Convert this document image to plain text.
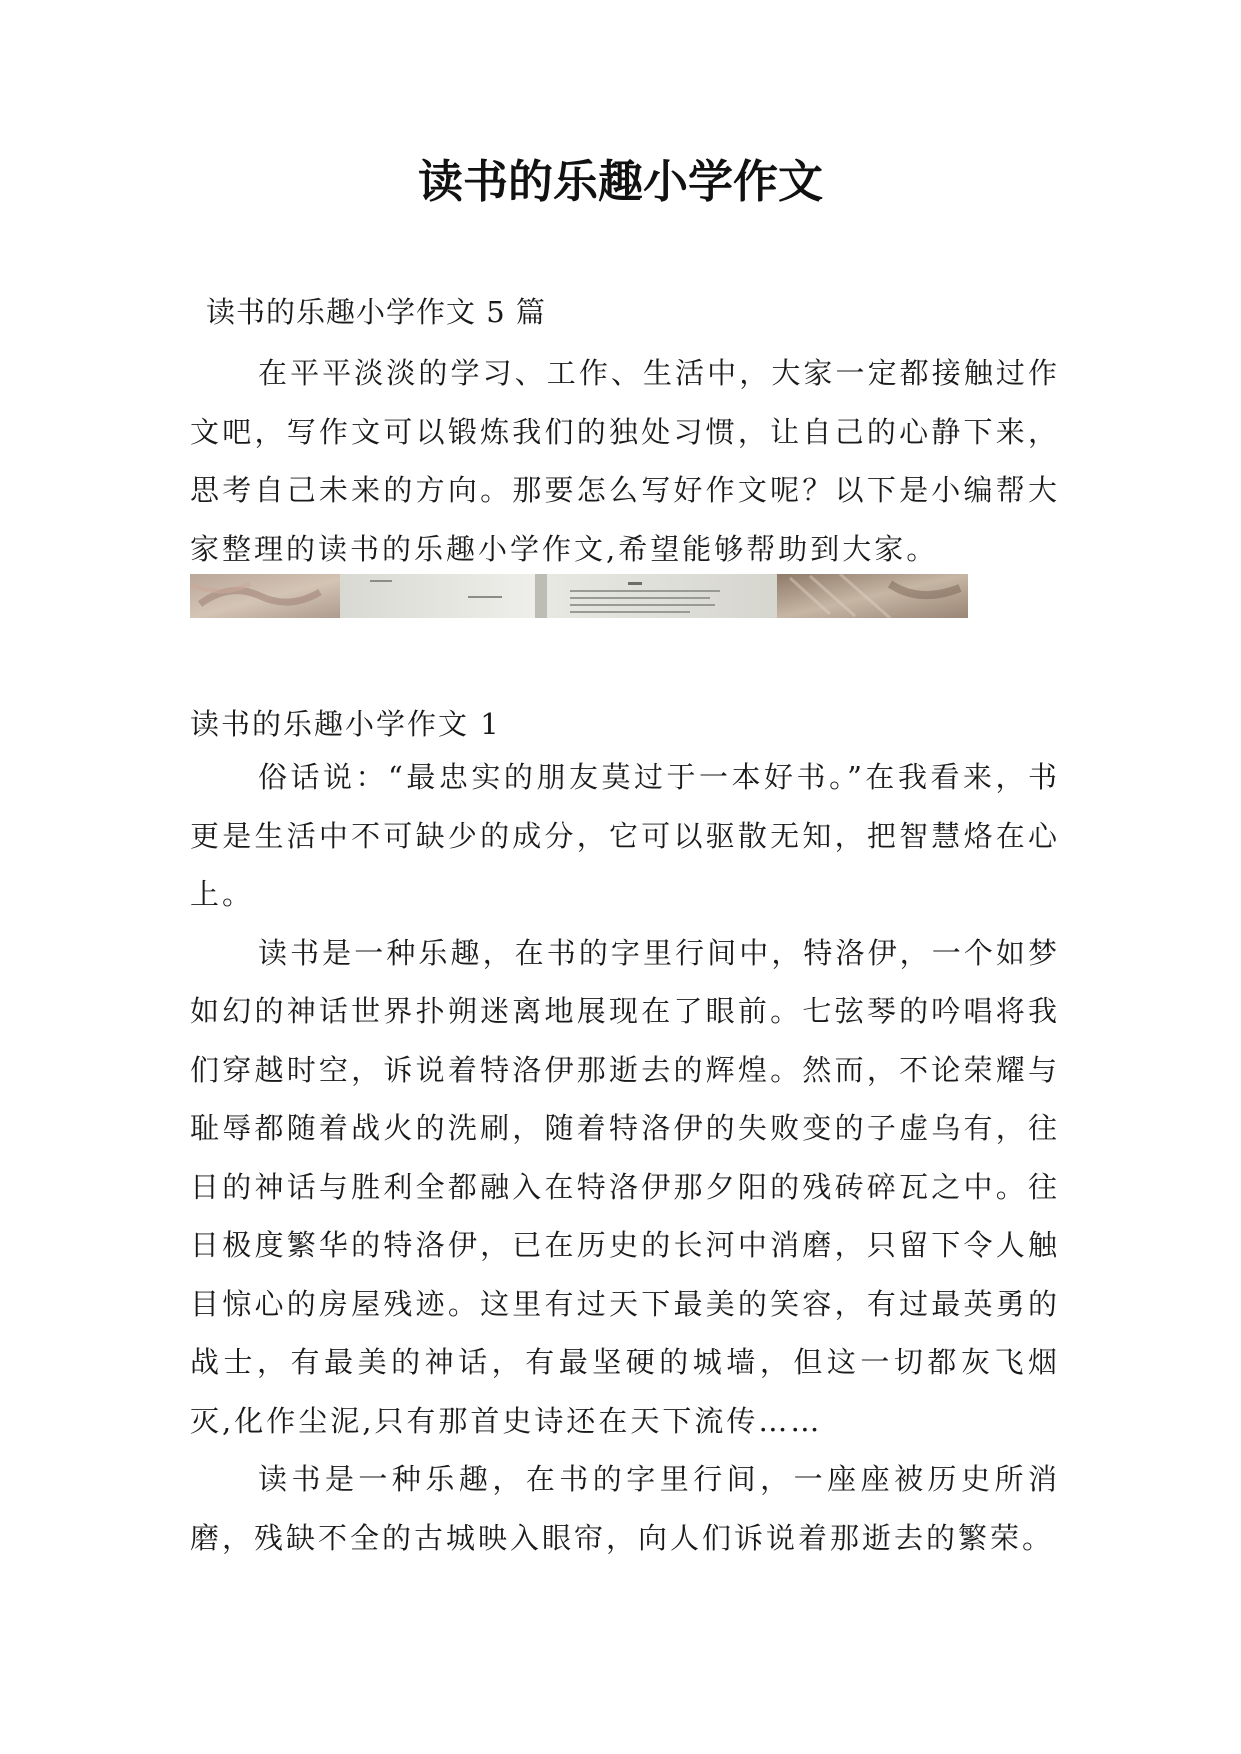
读书的乐趣小学作文

读书的乐趣小学作文 5 篇

在平平淡淡的学习、工作、生活中，大家一定都接触过作文吧，写作文可以锻炼我们的独处习惯，让自己的心静下来，思考自己未来的方向。那要怎么写好作文呢？以下是小编帮大家整理的读书的乐趣小学作文,希望能够帮助到大家。

读书的乐趣小学作文 1

俗话说：“最忠实的朋友莫过于一本好书。”在我看来，书更是生活中不可缺少的成分，它可以驱散无知，把智慧烙在心上。

读书是一种乐趣，在书的字里行间中，特洛伊，一个如梦如幻的神话世界扑朔迷离地展现在了眼前。七弦琴的吟唱将我们穿越时空，诉说着特洛伊那逝去的辉煌。然而，不论荣耀与耻辱都随着战火的洗刷，随着特洛伊的失败变的子虚乌有，往日的神话与胜利全都融入在特洛伊那夕阳的残砖碎瓦之中。往日极度繁华的特洛伊，已在历史的长河中消磨，只留下令人触目惊心的房屋残迹。这里有过天下最美的笑容，有过最英勇的战士，有最美的神话，有最坚硬的城墙，但这一切都灰飞烟灭,化作尘泥,只有那首史诗还在天下流传……

读书是一种乐趣，在书的字里行间，一座座被历史所消磨，残缺不全的古城映入眼帘，向人们诉说着那逝去的繁荣。
